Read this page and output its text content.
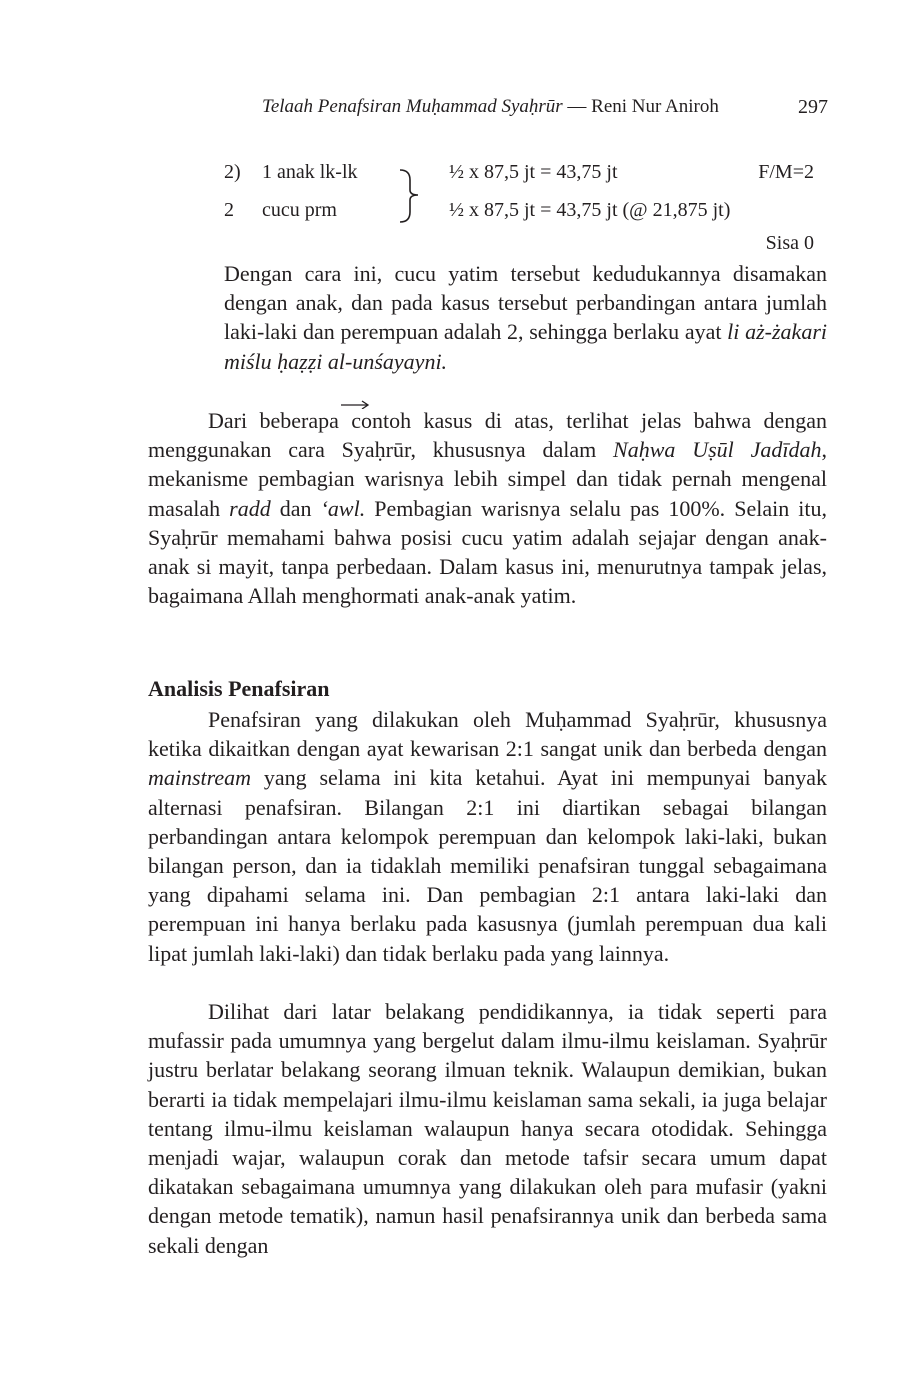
Telaah Penafsiran Muḥammad Syaḥrūr — Reni Nur Aniroh	297
2) 1 anak lk-lk	½ x 87,5 jt = 43,75 jt	F/M=2
2 cucu prm	½ x 87,5 jt = 43,75 jt (@ 21,875 jt)
Sisa 0

Dengan cara ini, cucu yatim tersebut kedudukannya disamakan dengan anak, dan pada kasus tersebut perbandingan antara jumlah laki-laki dan perempuan adalah 2, sehingga berlaku ayat li aż-żakari miślu ḥaẓẓi al-unśayayni.

Dari beberapa contoh kasus di atas, terlihat jelas bahwa dengan menggunakan cara Syaḥrūr, khususnya dalam Naḥwa Uṣūl Jadīdah, mekanisme pembagian warisnya lebih simpel dan tidak pernah mengenal masalah radd dan ‘awl. Pembagian warisnya selalu pas 100%. Selain itu, Syaḥrūr memahami bahwa posisi cucu yatim adalah sejajar dengan anak-anak si mayit, tanpa perbedaan. Dalam kasus ini, menurutnya tampak jelas, bagaimana Allah menghormati anak-anak yatim.

Analisis Penafsiran

Penafsiran yang dilakukan oleh Muḥammad Syaḥrūr, khususnya ketika dikaitkan dengan ayat kewarisan 2:1 sangat unik dan berbeda dengan mainstream yang selama ini kita ketahui. Ayat ini mempunyai banyak alternasi penafsiran. Bilangan 2:1 ini diartikan sebagai bilangan perbandingan antara kelompok perempuan dan kelompok laki-laki, bukan bilangan person, dan ia tidaklah memiliki penafsiran tunggal sebagaimana yang dipahami selama ini. Dan pembagian 2:1 antara laki-laki dan perempuan ini hanya berlaku pada kasusnya (jumlah perempuan dua kali lipat jumlah laki-laki) dan tidak berlaku pada yang lainnya.

Dilihat dari latar belakang pendidikannya, ia tidak seperti para mufassir pada umumnya yang bergelut dalam ilmu-ilmu keislaman. Syaḥrūr justru berlatar belakang seorang ilmuan teknik. Walaupun demikian, bukan berarti ia tidak mempelajari ilmu-ilmu keislaman sama sekali, ia juga belajar tentang ilmu-ilmu keislaman walaupun hanya secara otodidak. Sehingga menjadi wajar, walaupun corak dan metode tafsir secara umum dapat dikatakan sebagaimana umumnya yang dilakukan oleh para mufasir (yakni dengan metode tematik), namun hasil penafsirannya unik dan berbeda sama sekali dengan
